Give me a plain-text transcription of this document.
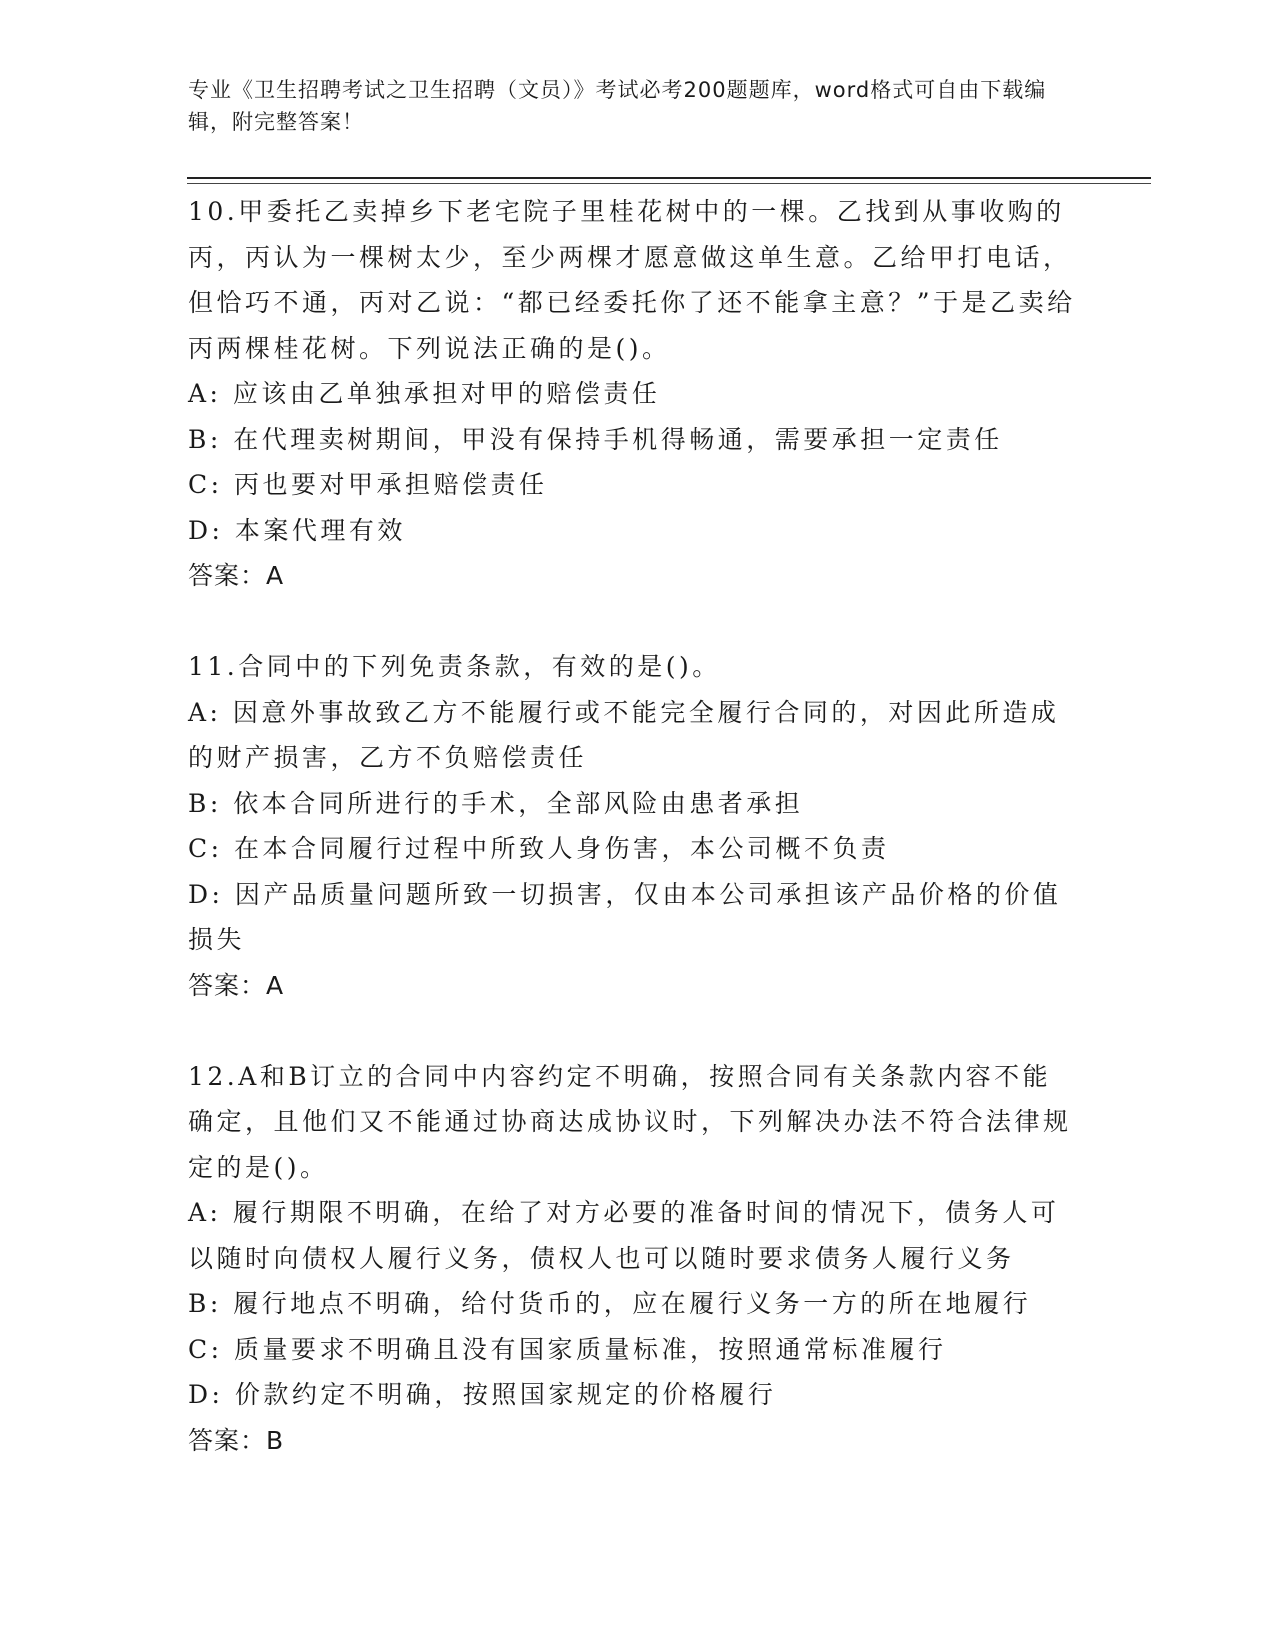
专业《卫生招聘考试之卫生招聘（文员）》考试必考200题题库，word格式可自由下载编辑，附完整答案！

10.甲委托乙卖掉乡下老宅院子里桂花树中的一棵。乙找到从事收购的丙，丙认为一棵树太少，至少两棵才愿意做这单生意。乙给甲打电话，但恰巧不通，丙对乙说：“都已经委托你了还不能拿主意？”于是乙卖给丙两棵桂花树。下列说法正确的是()。

A: 应该由乙单独承担对甲的赔偿责任

B: 在代理卖树期间，甲没有保持手机得畅通，需要承担一定责任

C: 丙也要对甲承担赔偿责任

D: 本案代理有效

答案：A

11.合同中的下列免责条款，有效的是()。

A: 因意外事故致乙方不能履行或不能完全履行合同的，对因此所造成的财产损害，乙方不负赔偿责任

B: 依本合同所进行的手术，全部风险由患者承担

C: 在本合同履行过程中所致人身伤害，本公司概不负责

D: 因产品质量问题所致一切损害，仅由本公司承担该产品价格的价值损失

答案：A

12.A和B订立的合同中内容约定不明确，按照合同有关条款内容不能确定，且他们又不能通过协商达成协议时，下列解决办法不符合法律规定的是()。

A: 履行期限不明确，在给了对方必要的准备时间的情况下，债务人可以随时向债权人履行义务，债权人也可以随时要求债务人履行义务

B: 履行地点不明确，给付货币的，应在履行义务一方的所在地履行

C: 质量要求不明确且没有国家质量标准，按照通常标准履行

D: 价款约定不明确，按照国家规定的价格履行

答案：B
